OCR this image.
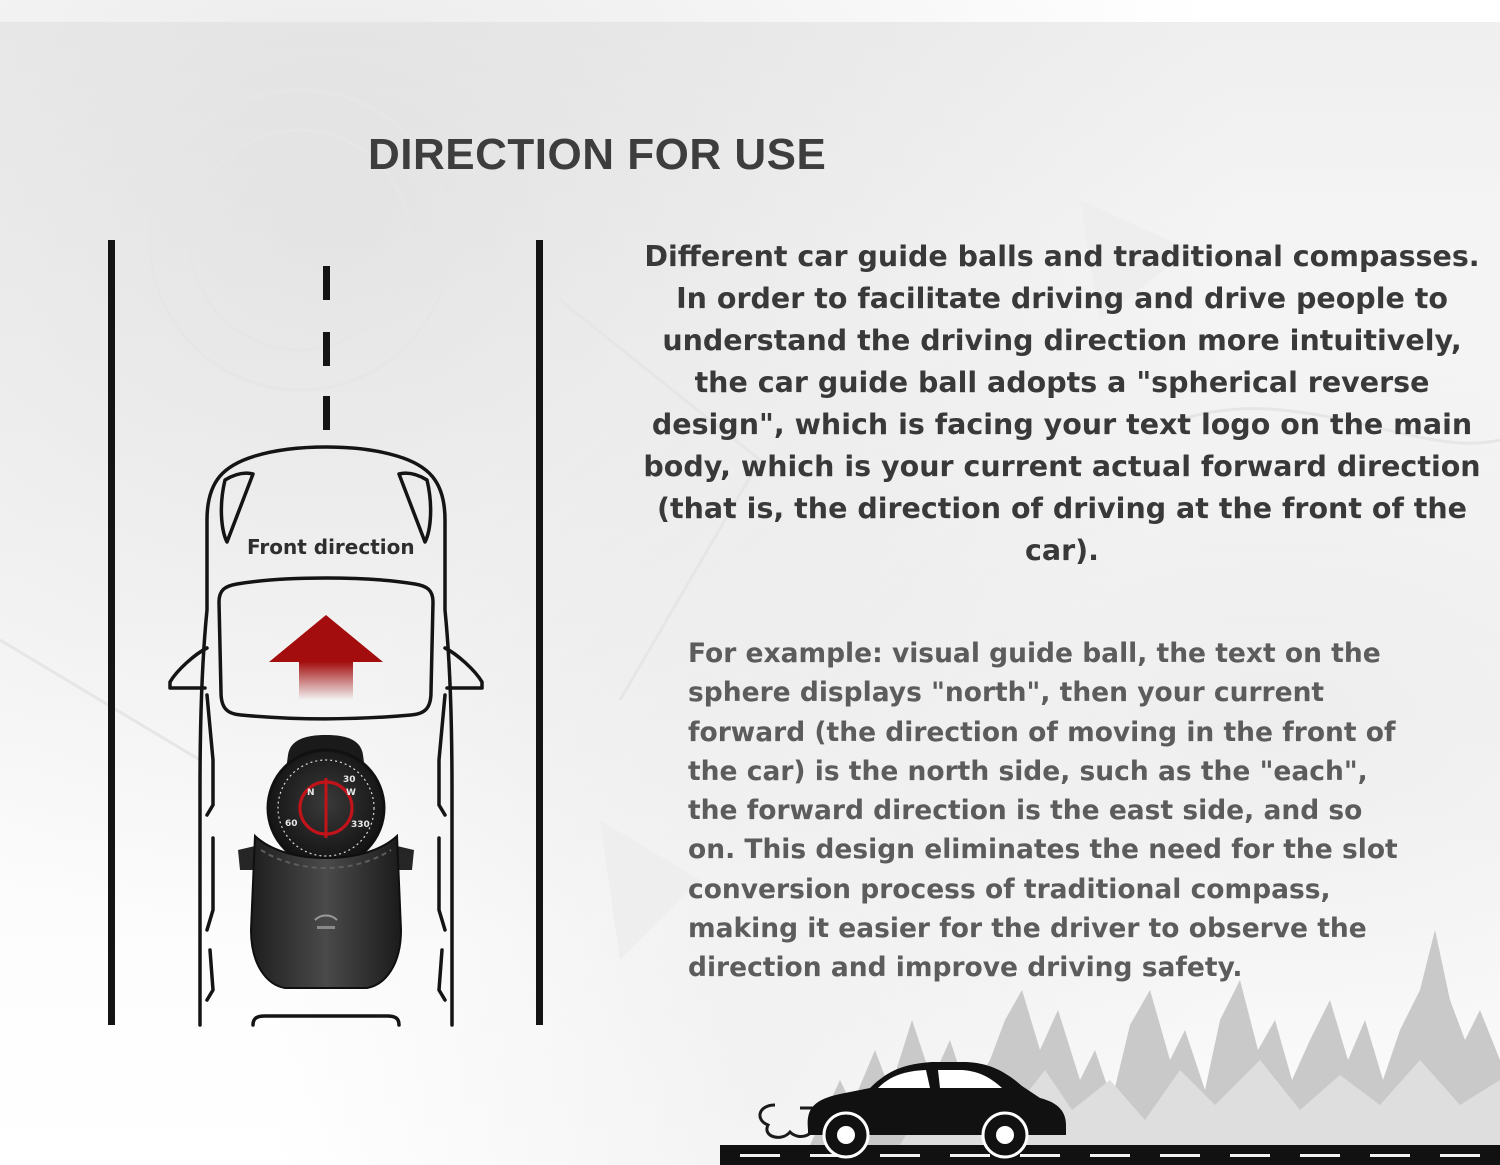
DIRECTION FOR USE

Different car guide balls and traditional compasses. In order to facilitate driving and drive people to understand the driving direction more intuitively, the car guide ball adopts a "spherical reverse design", which is facing your text logo on the main body, which is your current actual forward direction (that is, the direction of driving at the front of the car).

For example: visual guide ball, the text on the sphere displays "north", then your current forward (the direction of moving in the front of the car) is the north side, such as the "each", the forward direction is the east side, and so on. This design eliminates the need for the slot conversion process of traditional compass, making it easier for the driver to observe the direction and improve driving safety.

60
N	W
30
330
Front direction
